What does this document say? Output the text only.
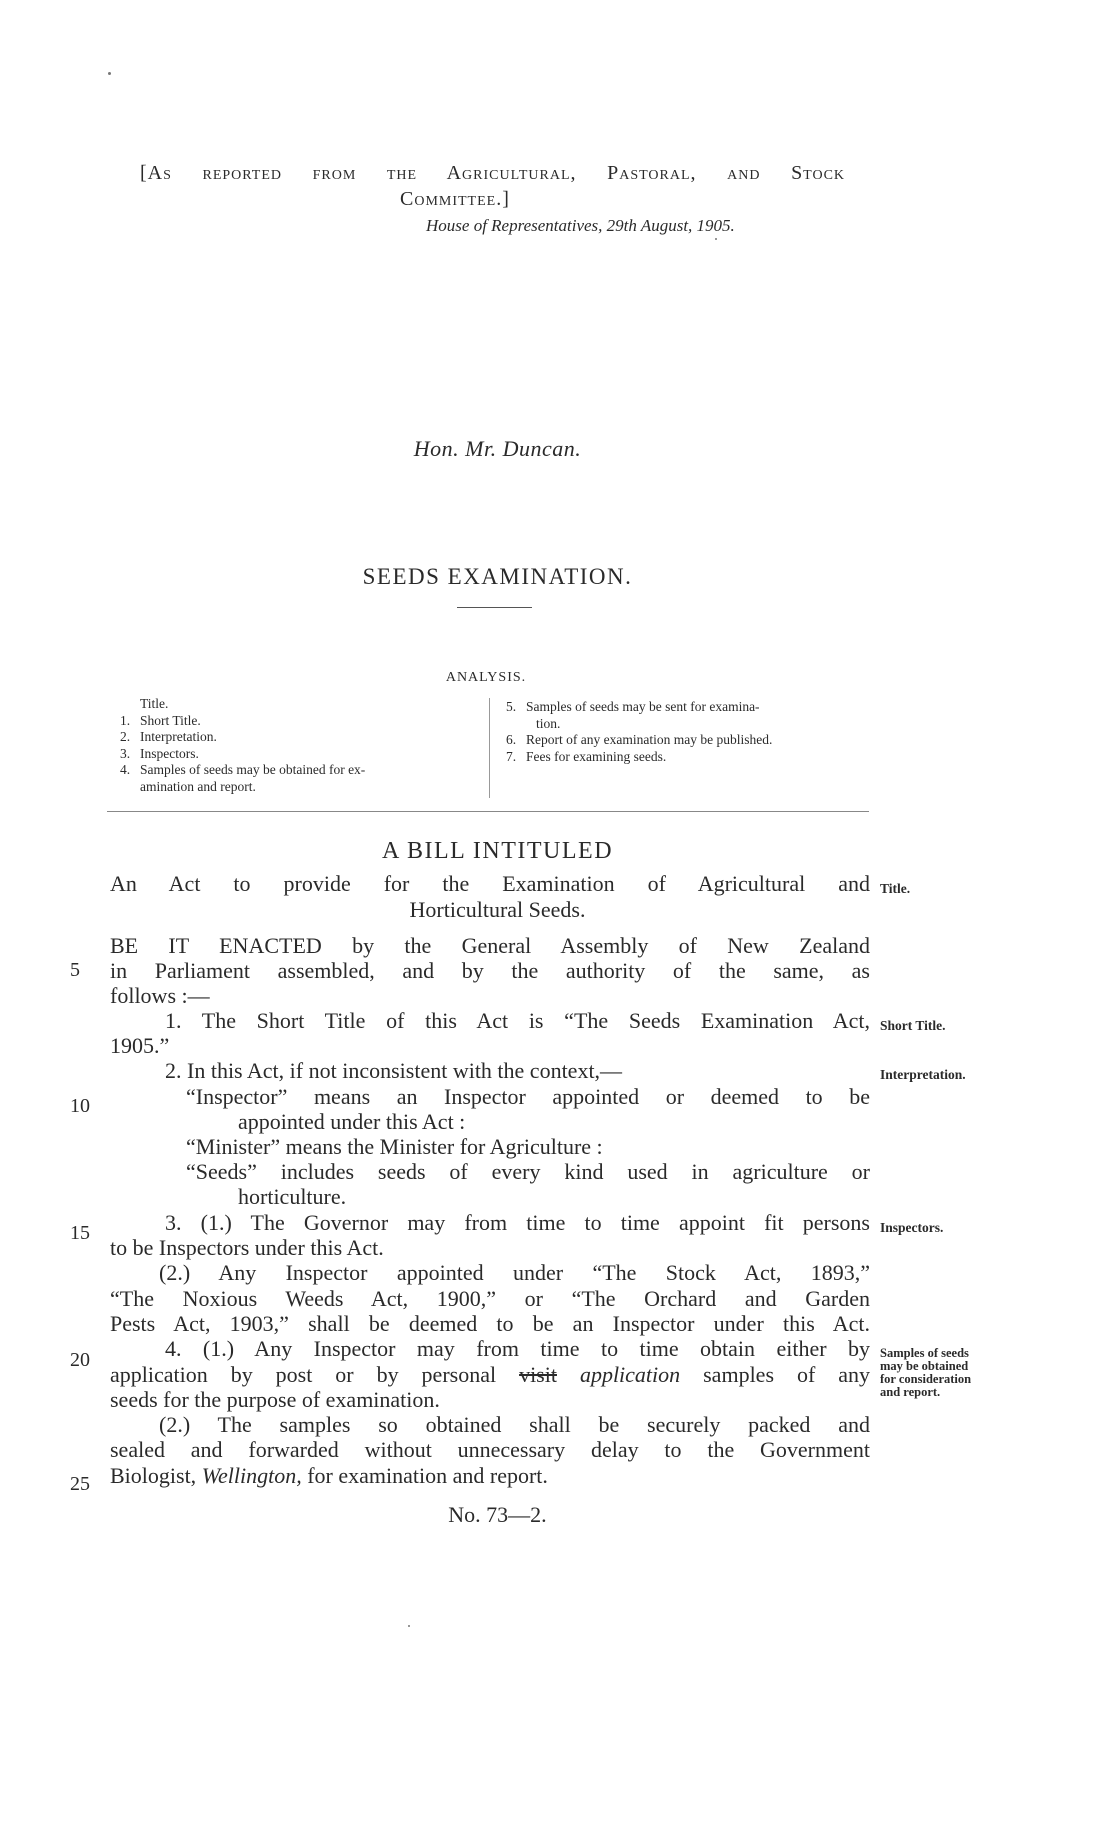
[As reported from the Agricultural, Pastoral, and Stock
Committee.]
House of Representatives, 29th August, 1905.
Hon. Mr. Duncan.
SEEDS EXAMINATION.
ANALYSIS.
Title.
1. Short Title.
2. Interpretation.
3. Inspectors.
4. Samples of seeds may be obtained for ex-
amination and report.
5. Samples of seeds may be sent for examina-
tion.
6. Report of any examination may be published.
7. Fees for examining seeds.
A BILL INTITULED
An Act to provide for the Examination of Agricultural and
Horticultural Seeds.
BE IT ENACTED by the General Assembly of New Zealand
in Parliament assembled, and by the authority of the same, as
follows :—
1. The Short Title of this Act is “The Seeds Examination Act,
1905.”
2. In this Act, if not inconsistent with the context,—
“Inspector” means an Inspector appointed or deemed to be
appointed under this Act :
“Minister” means the Minister for Agriculture :
“Seeds” includes seeds of every kind used in agriculture or
horticulture.
3. (1.) The Governor may from time to time appoint fit persons
to be Inspectors under this Act.
(2.) Any Inspector appointed under “The Stock Act, 1893,”
“The Noxious Weeds Act, 1900,” or “The Orchard and Garden
Pests Act, 1903,” shall be deemed to be an Inspector under this Act.
4. (1.) Any Inspector may from time to time obtain either by
application by post or by personal visit application samples of any
seeds for the purpose of examination.
(2.) The samples so obtained shall be securely packed and
sealed and forwarded without unnecessary delay to the Government
Biologist, Wellington, for examination and report.
Title.
Short Title.
Interpretation.
Inspectors.
Samples of seeds
may be obtained
for consideration
and report.
5
10
15
20
25
No. 73—2.
